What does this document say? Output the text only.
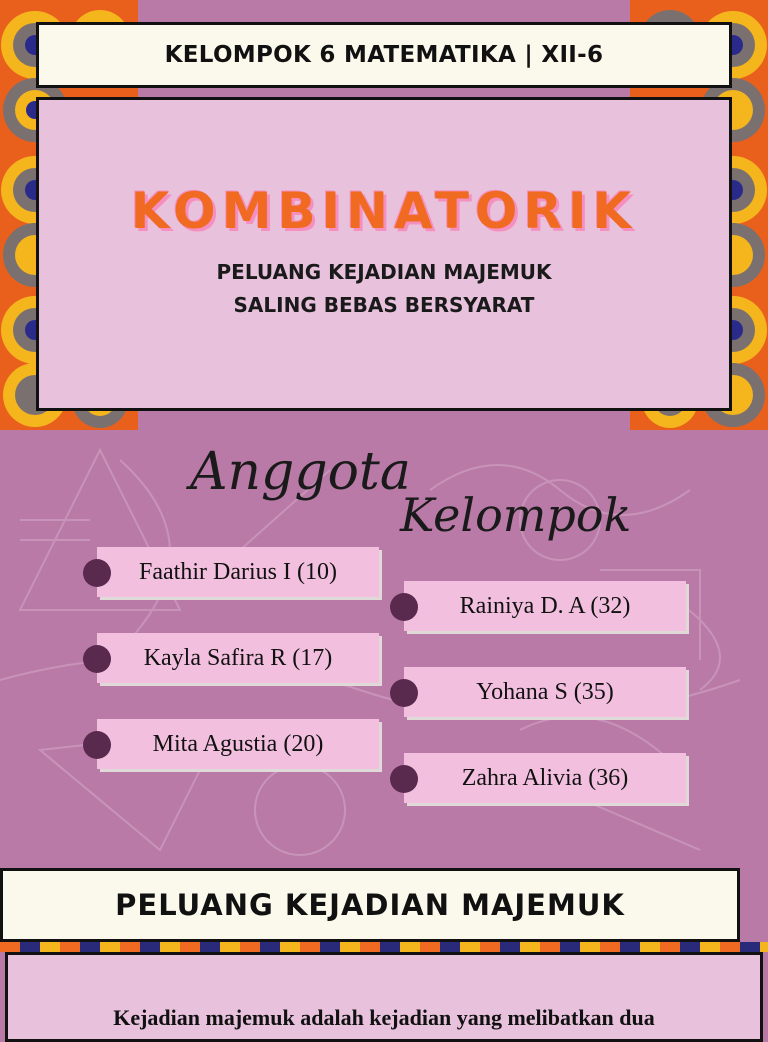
KELOMPOK 6 MATEMATIKA | XII-6
KOMBINATORIK
PELUANG KEJADIAN MAJEMUK
SALING BEBAS BERSYARAT
Anggota
Kelompok
Faathir Darius I (10)
Kayla Safira R (17)
Mita Agustia (20)
Rainiya D. A (32)
Yohana S (35)
Zahra Alivia (36)
PELUANG KEJADIAN MAJEMUK
Kejadian majemuk adalah kejadian yang melibatkan dua
